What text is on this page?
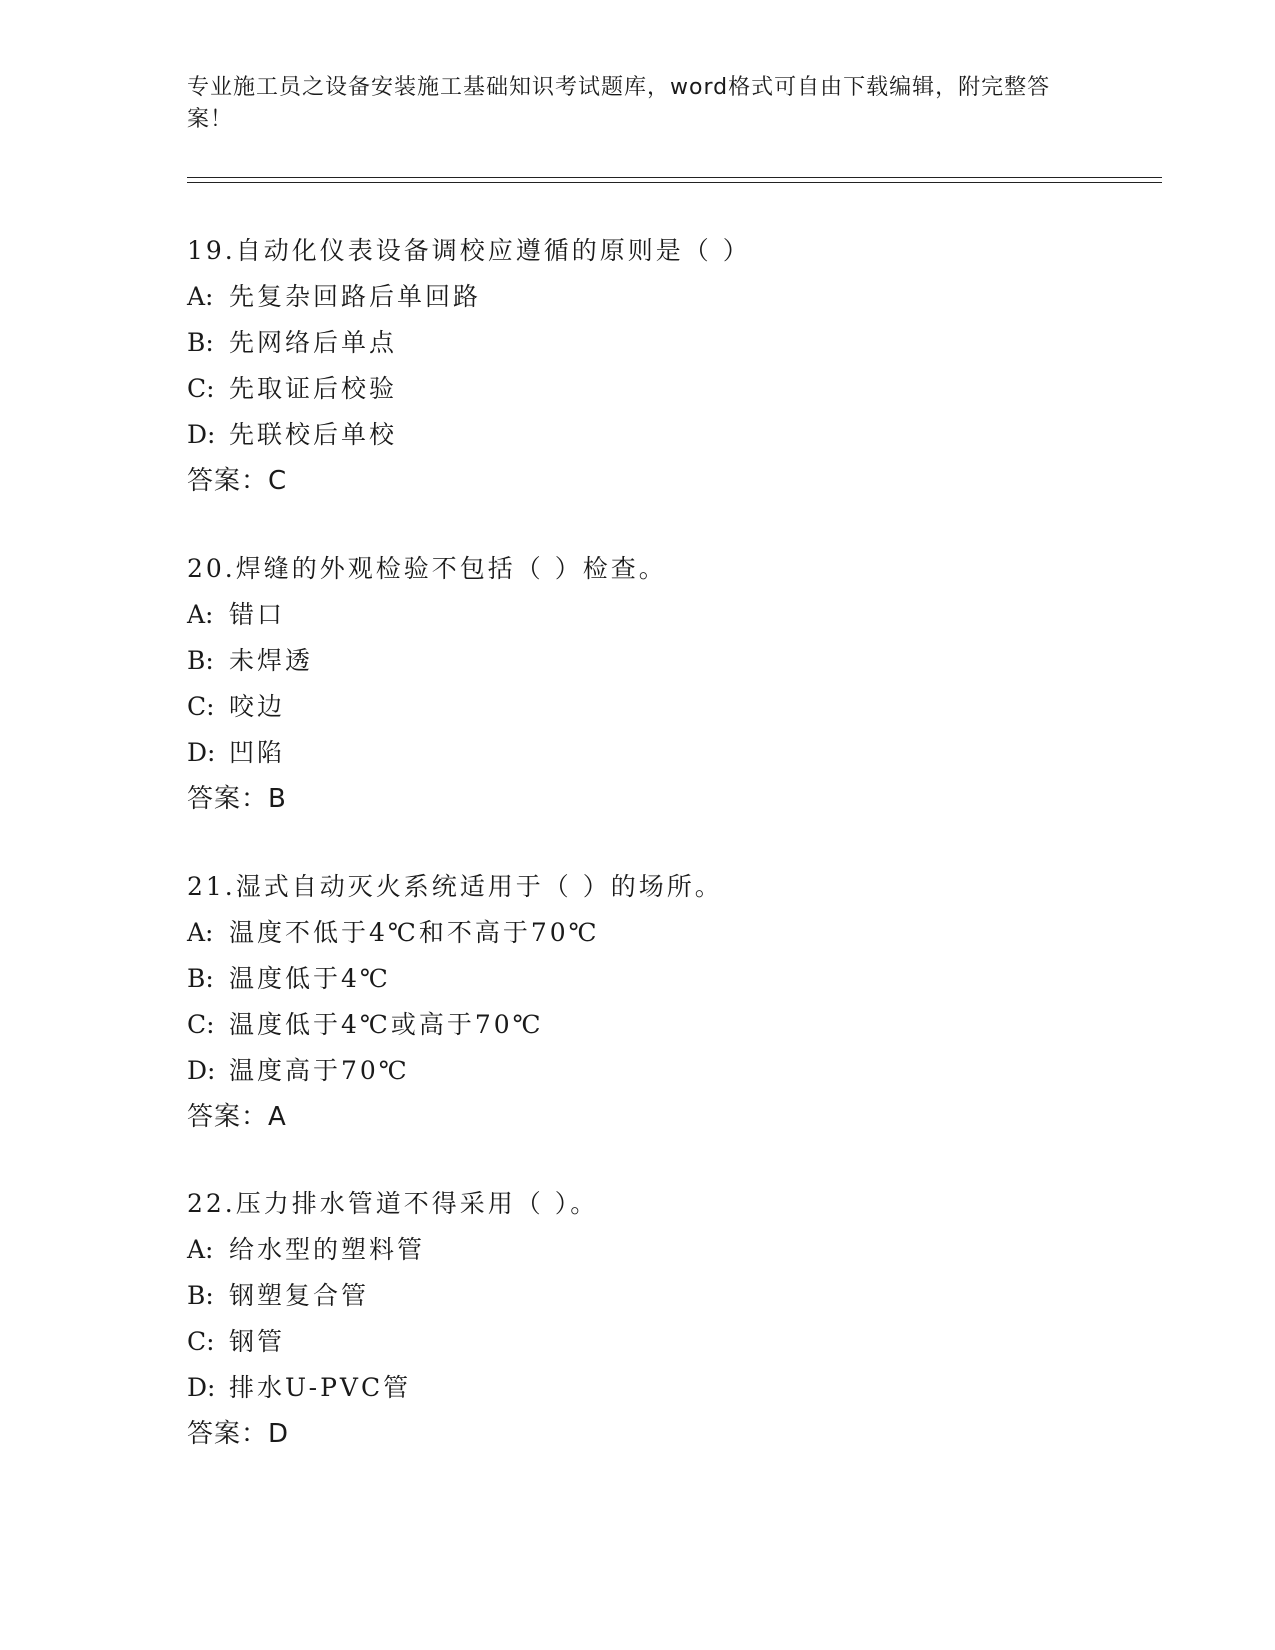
专业施工员之设备安装施工基础知识考试题库，word格式可自由下载编辑，附完整答案！
19.自动化仪表设备调校应遵循的原则是（ ）
A: 先复杂回路后单回路
B: 先网络后单点
C: 先取证后校验
D: 先联校后单校
答案：C
20.焊缝的外观检验不包括（ ）检查。
A: 错口
B: 未焊透
C: 咬边
D: 凹陷
答案：B
21.湿式自动灭火系统适用于（ ）的场所。
A: 温度不低于4℃和不高于70℃
B: 温度低于4℃
C: 温度低于4℃或高于70℃
D: 温度高于70℃
答案：A
22.压力排水管道不得采用（ ）。
A: 给水型的塑料管
B: 钢塑复合管
C: 钢管
D: 排水U-PVC管
答案：D
